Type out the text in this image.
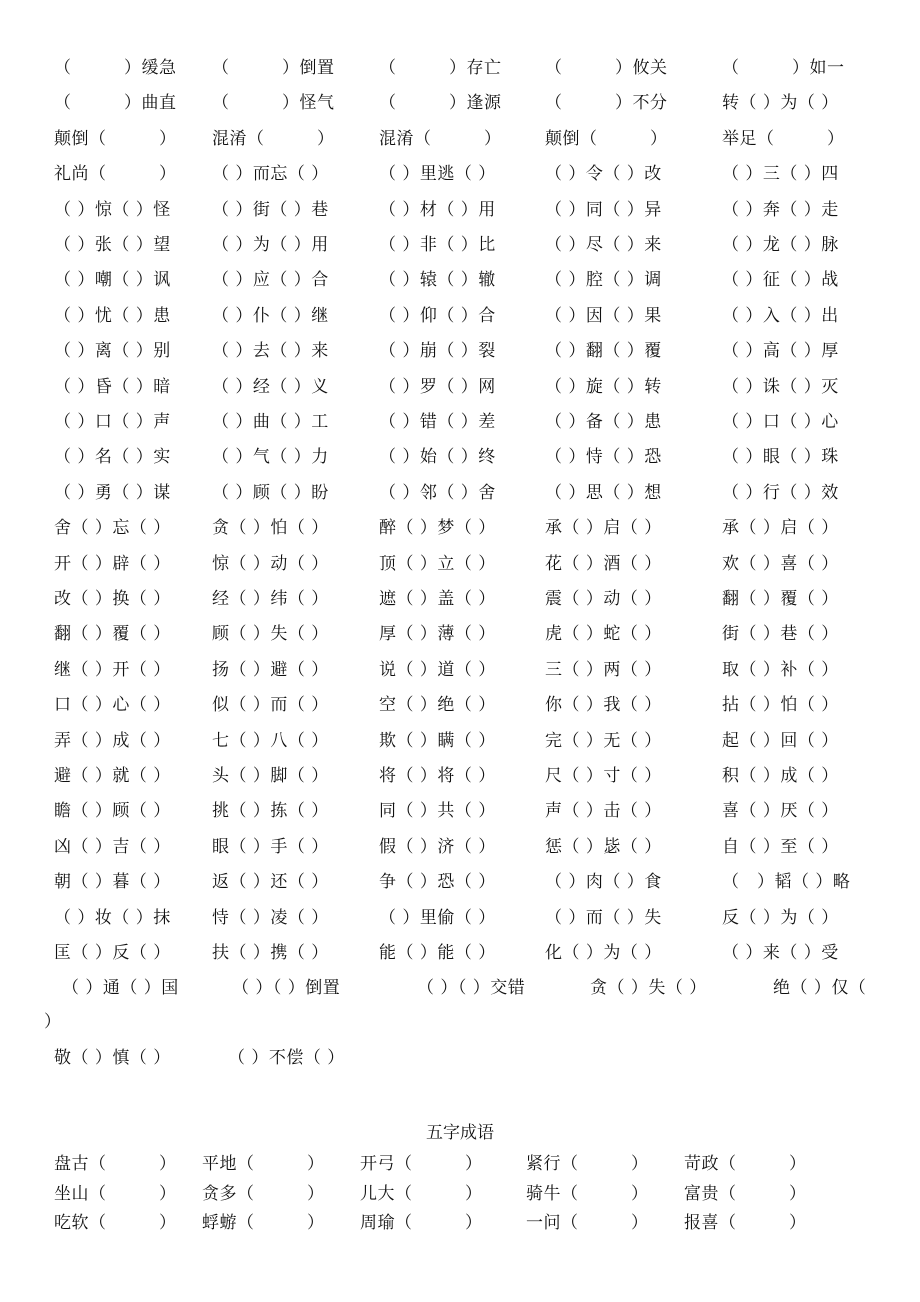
（　　　）缓急 （　　　）倒置	（　　　）存亡	（　　　）攸关	（　　　）如一
（　　　）曲直 （　　　）怪气	（　　　）逢源	（　　　）不分	转（ ）为（ ）
颠倒（　　　） 混淆（　　　）	混淆（　　　）	颠倒（　　　）	举足（　　　）
礼尚（　　　） （ ）而忘（ ）	（ ）里逃（ ）	（ ）令（ ）改	（ ）三（ ）四
（ ）惊（ ）怪 （ ）街（ ）巷	（ ）材（ ）用	（ ）同（ ）异	（ ）奔（ ）走
（ ）张（ ）望 （ ）为（ ）用	（ ）非（ ）比	（ ）尽（ ）来	（ ）龙（ ）脉
（ ）嘲（ ）讽 （ ）应（ ）合	（ ）辕（ ）辙	（ ）腔（ ）调	（ ）征（ ）战
（ ）忧（ ）患 （ ）仆（ ）继	（ ）仰（ ）合	（ ）因（ ）果	（ ）入（ ）出
（ ）离（ ）别 （ ）去（ ）来	（ ）崩（ ）裂	（ ）翻（ ）覆	（ ）高（ ）厚
（ ）昏（ ）暗 （ ）经（ ）义	（ ）罗（ ）网	（ ）旋（ ）转	（ ）诛（ ）灭
（ ）口（ ）声 （ ）曲（ ）工	（ ）错（ ）差	（ ）备（ ）患	（ ）口（ ）心
（ ）名（ ）实 （ ）气（ ）力	（ ）始（ ）终	（ ）恃（ ）恐	（ ）眼（ ）珠
（ ）勇（ ）谋 （ ）顾（ ）盼	（ ）邻（ ）舍	（ ）思（ ）想	（ ）行（ ）效
舍（ ）忘（ ） 贪（ ）怕（ ）	醉（ ）梦（ ）	承（ ）启（ ）	承（ ）启（ ）
开（ ）辟（ ） 惊（ ）动（ ）	顶（ ）立（ ）	花（ ）酒（ ）	欢（ ）喜（ ）
改（ ）换（ ） 经（ ）纬（ ）	遮（ ）盖（ ）	震（ ）动（ ）	翻（ ）覆（ ）
翻（ ）覆（ ） 顾（ ）失（ ）	厚（ ）薄（ ）	虎（ ）蛇（ ）	街（ ）巷（ ）
继（ ）开（ ） 扬（ ）避（ ）	说（ ）道（ ）	三（ ）两（ ）	取（ ）补（ ）
口（ ）心（ ） 似（ ）而（ ）	空（ ）绝（ ）	你（ ）我（ ）	拈（ ）怕（ ）
弄（ ）成（ ） 七（ ）八（ ）	欺（ ）瞒（ ）	完（ ）无（ ）	起（ ）回（ ）
避（ ）就（ ） 头（ ）脚（ ）	将（ ）将（ ）	尺（ ）寸（ ）	积（ ）成（ ）
瞻（ ）顾（ ） 挑（ ）拣（ ）	同（ ）共（ ）	声（ ）击（ ）	喜（ ）厌（ ）
凶（ ）吉（ ） 眼（ ）手（ ）	假（ ）济（ ）	惩（ ）毖（ ）	自（ ）至（ ）
朝（ ）暮（ ） 返（ ）还（ ）	争（ ）恐（ ）	（ ）肉（ ）食	（　）韬（ ）略
（ ）妆（ ）抹 恃（ ）凌（ ）	（ ）里偷（ ）	（ ）而（ ）失	反（ ）为（ ）
匡（ ）反（ ） 扶（ ）携（ ）	能（ ）能（ ）	化（ ）为（ ）	（ ）来（ ）受
（ ）通（ ）国	（ ）（ ）倒置	（ ）（ ）交错	贪（ ）失（ ）	绝（ ）仅（
）
敬（ ）慎（ ）	（ ）不偿（ ）
五字成语
盘古（　　　） 平地（　　　） 开弓（　　　）	紧行（　　　） 苛政（　　　）
坐山（　　　） 贪多（　　　） 儿大（　　　）	骑牛（　　　） 富贵（　　　）
吃软（　　　） 蜉蝣（　　　） 周瑜（　　　）	一问（　　　） 报喜（　　　）
